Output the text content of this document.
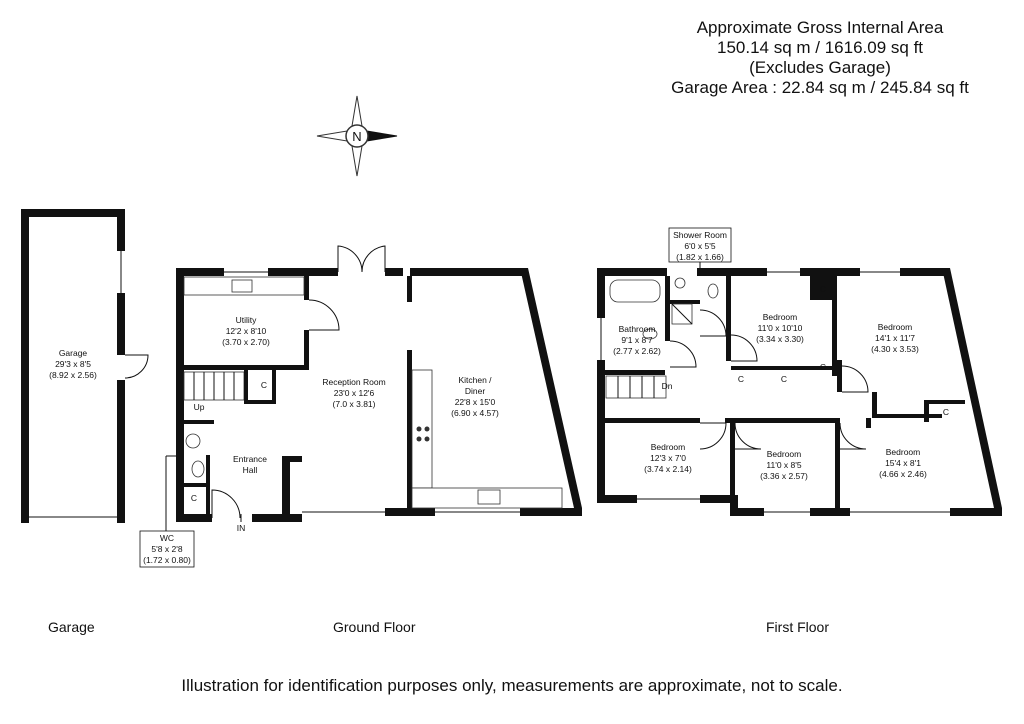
Approximate Gross Internal Area
150.14 sq m / 1616.09 sq ft
(Excludes Garage)
Garage Area : 22.84 sq m / 245.84 sq ft
N
Garage
29'3 x 8'5
(8.92 x 2.56)
C
Up
C
IN
Utility
12'2 x 8'10
(3.70 x 2.70)
Reception Room
23'0 x 12'6
(7.0 x 3.81)
Kitchen /
Diner
22'8 x 15'0
(6.90 x 4.57)
Entrance
Hall
WC
5'8 x 2'8
(1.72 x 0.80)
Dn
C
C	C
C
C
Shower Room
6'0 x 5'5
(1.82 x 1.66)
Bathroom
9'1 x 8'7
(2.77 x 2.62)
Bedroom
11'0 x 10'10
(3.34 x 3.30)
Bedroom
14'1 x 11'7
(4.30 x 3.53)
Bedroom
12'3 x 7'0
(3.74 x 2.14)
Bedroom
11'0 x 8'5
(3.36 x 2.57)
Bedroom
15'4 x 8'1
(4.66 x 2.46)
Garage	Ground Floor	First Floor
Illustration for identification purposes only, measurements are approximate, not to scale.
